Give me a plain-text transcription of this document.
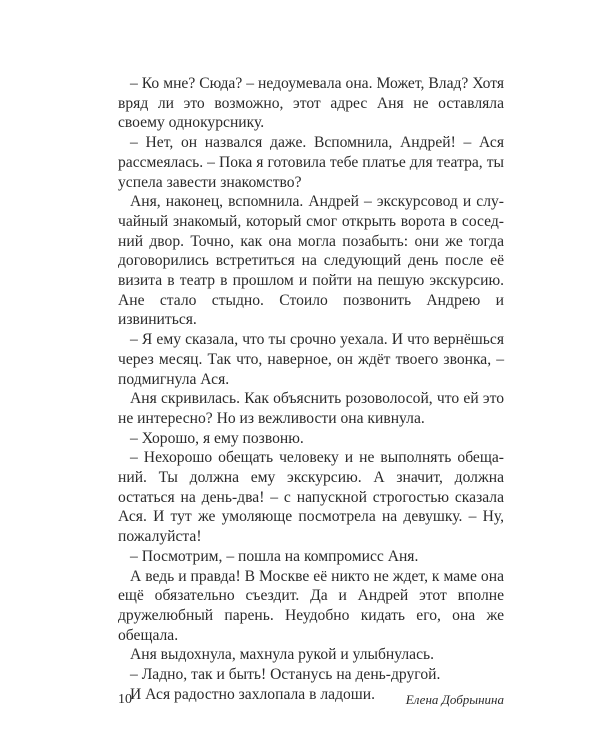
– Ко мне? Сюда? – недоумевала она. Может, Влад? Хотя вряд ли это возможно, этот адрес Аня не оставляла своему однокурснику.

– Нет, он назвался даже. Вспомнила, Андрей! – Ася рассмеялась. – Пока я готовила тебе платье для театра, ты успела завести знакомство?

Аня, наконец, вспомнила. Андрей – экскурсовод и случайный знакомый, который смог открыть ворота в соседний двор. Точно, как она могла позабыть: они же тогда договорились встретиться на следующий день после её визита в театр в прошлом и пойти на пешую экскурсию. Ане стало стыдно. Стоило позвонить Андрею и извиниться.

– Я ему сказала, что ты срочно уехала. И что вернёшься через месяц. Так что, наверное, он ждёт твоего звонка, – подмигнула Ася.

Аня скривилась. Как объяснить розоволосой, что ей это не интересно? Но из вежливости она кивнула.

– Хорошо, я ему позвоню.

– Нехорошо обещать человеку и не выполнять обещаний. Ты должна ему экскурсию. А значит, должна остаться на день-два! – с напускной строгостью сказала Ася. И тут же умоляюще посмотрела на девушку. – Ну, пожалуйста!

– Посмотрим, – пошла на компромисс Аня.

А ведь и правда! В Москве её никто не ждет, к маме она ещё обязательно съездит. Да и Андрей этот вполне дружелюбный парень. Неудобно кидать его, она же обещала.

Аня выдохнула, махнула рукой и улыбнулась.

– Ладно, так и быть! Останусь на день-другой.

И Ася радостно захлопала в ладоши.

10	Елена Добрынина
